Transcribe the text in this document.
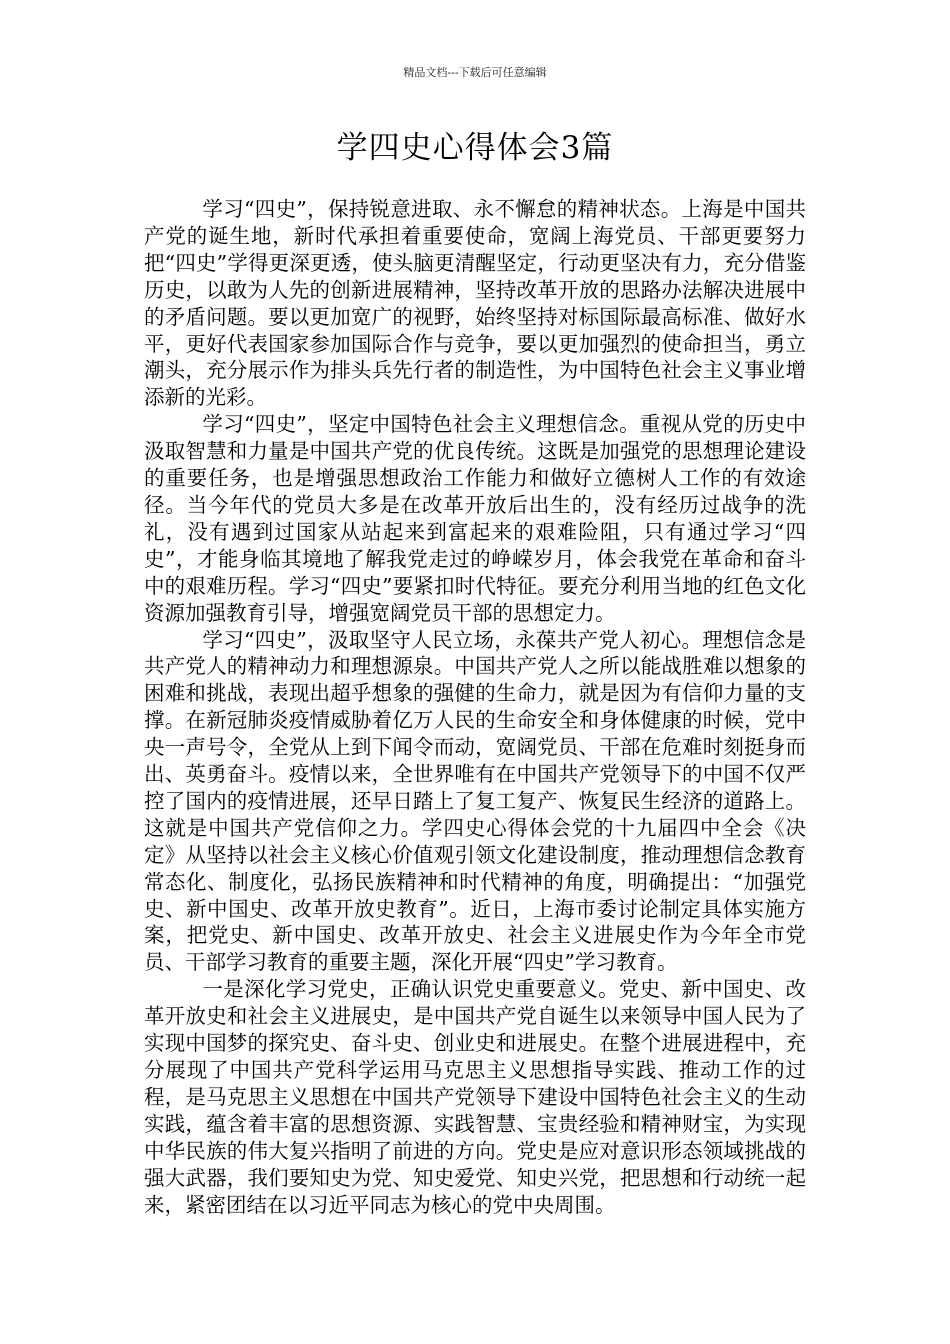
精品文档---下载后可任意编辑
学四史心得体会3篇

学习“四史”，保持锐意进取、永不懈怠的精神状态。上海是中国共产党的诞生地，新时代承担着重要使命，宽阔上海党员、干部更要努力把“四史”学得更深更透，使头脑更清醒坚定，行动更坚决有力，充分借鉴历史，以敢为人先的创新进展精神，坚持改革开放的思路办法解决进展中的矛盾问题。要以更加宽广的视野，始终坚持对标国际最高标准、做好水平，更好代表国家参加国际合作与竞争，要以更加强烈的使命担当，勇立潮头，充分展示作为排头兵先行者的制造性，为中国特色社会主义事业增添新的光彩。

学习“四史”，坚定中国特色社会主义理想信念。重视从党的历史中汲取智慧和力量是中国共产党的优良传统。这既是加强党的思想理论建设的重要任务，也是增强思想政治工作能力和做好立德树人工作的有效途径。当今年代的党员大多是在改革开放后出生的，没有经历过战争的洗礼，没有遇到过国家从站起来到富起来的艰难险阻，只有通过学习“四史”，才能身临其境地了解我党走过的峥嵘岁月，体会我党在革命和奋斗中的艰难历程。学习“四史”要紧扣时代特征。要充分利用当地的红色文化资源加强教育引导，增强宽阔党员干部的思想定力。

学习“四史”，汲取坚守人民立场，永葆共产党人初心。理想信念是共产党人的精神动力和理想源泉。中国共产党人之所以能战胜难以想象的困难和挑战，表现出超乎想象的强健的生命力，就是因为有信仰力量的支撑。在新冠肺炎疫情威胁着亿万人民的生命安全和身体健康的时候，党中央一声号令，全党从上到下闻令而动，宽阔党员、干部在危难时刻挺身而出、英勇奋斗。疫情以来，全世界唯有在中国共产党领导下的中国不仅严控了国内的疫情进展，还早日踏上了复工复产、恢复民生经济的道路上。这就是中国共产党信仰之力。学四史心得体会党的十九届四中全会《决定》从坚持以社会主义核心价值观引领文化建设制度，推动理想信念教育常态化、制度化，弘扬民族精神和时代精神的角度，明确提出：“加强党史、新中国史、改革开放史教育”。近日，上海市委讨论制定具体实施方案，把党史、新中国史、改革开放史、社会主义进展史作为今年全市党员、干部学习教育的重要主题，深化开展“四史”学习教育。

一是深化学习党史，正确认识党史重要意义。党史、新中国史、改革开放史和社会主义进展史，是中国共产党自诞生以来领导中国人民为了实现中国梦的探究史、奋斗史、创业史和进展史。在整个进展进程中，充分展现了中国共产党科学运用马克思主义思想指导实践、推动工作的过程，是马克思主义思想在中国共产党领导下建设中国特色社会主义的生动实践，蕴含着丰富的思想资源、实践智慧、宝贵经验和精神财宝，为实现中华民族的伟大复兴指明了前进的方向。党史是应对意识形态领域挑战的强大武器，我们要知史为党、知史爱党、知史兴党，把思想和行动统一起来，紧密团结在以习近平同志为核心的党中央周围。
